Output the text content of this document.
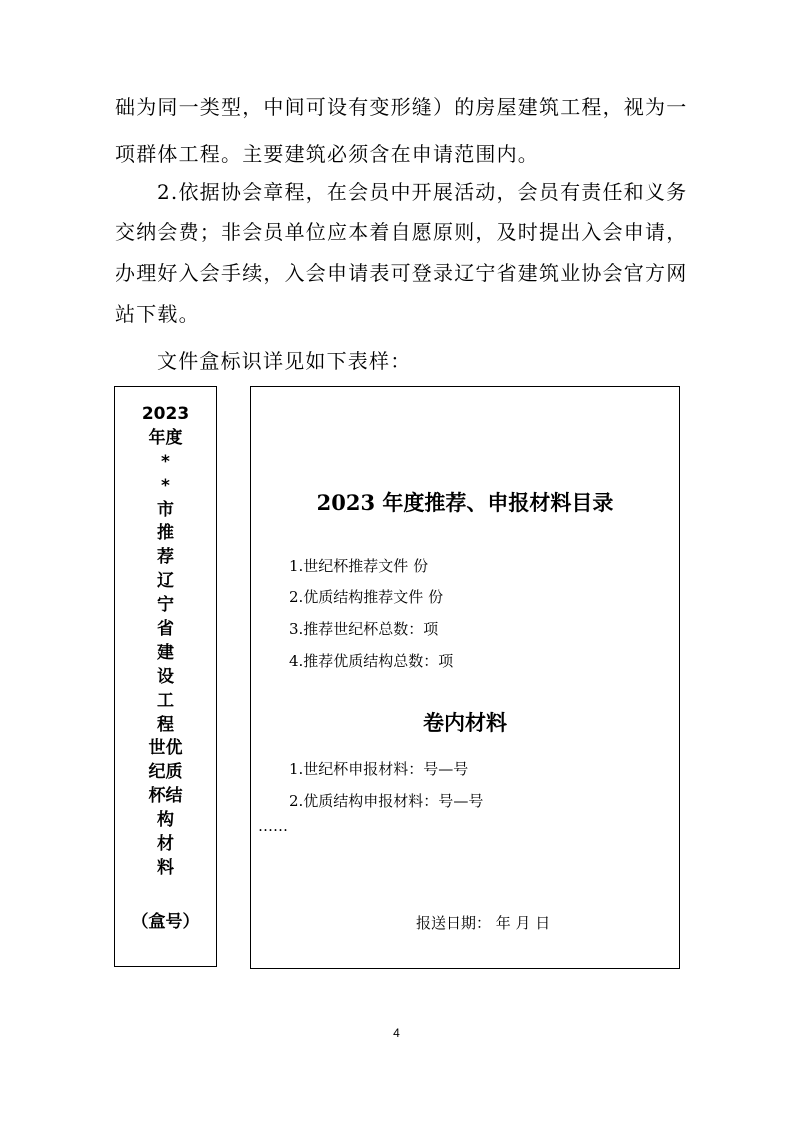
础为同一类型，中间可设有变形缝）的房屋建筑工程，视为一
项群体工程。主要建筑必须含在申请范围内。
2.依据协会章程，在会员中开展活动，会员有责任和义务
交纳会费；非会员单位应本着自愿原则，及时提出入会申请，
办理好入会手续，入会申请表可登录辽宁省建筑业协会官方网
站下载。
文件盒标识详见如下表样：
2023
年度
*
*
市
推
荐
辽
宁
省
建
设
工
程
世优
纪质
杯结
构
材
料
（盒号）
2023 年度推荐、申报材料目录
1.世纪杯推荐文件 份
2.优质结构推荐文件 份
3.推荐世纪杯总数：项
4.推荐优质结构总数：项
卷内材料
1.世纪杯申报材料：号—号
2.优质结构申报材料：号—号
……
报送日期： 年 月 日
4
